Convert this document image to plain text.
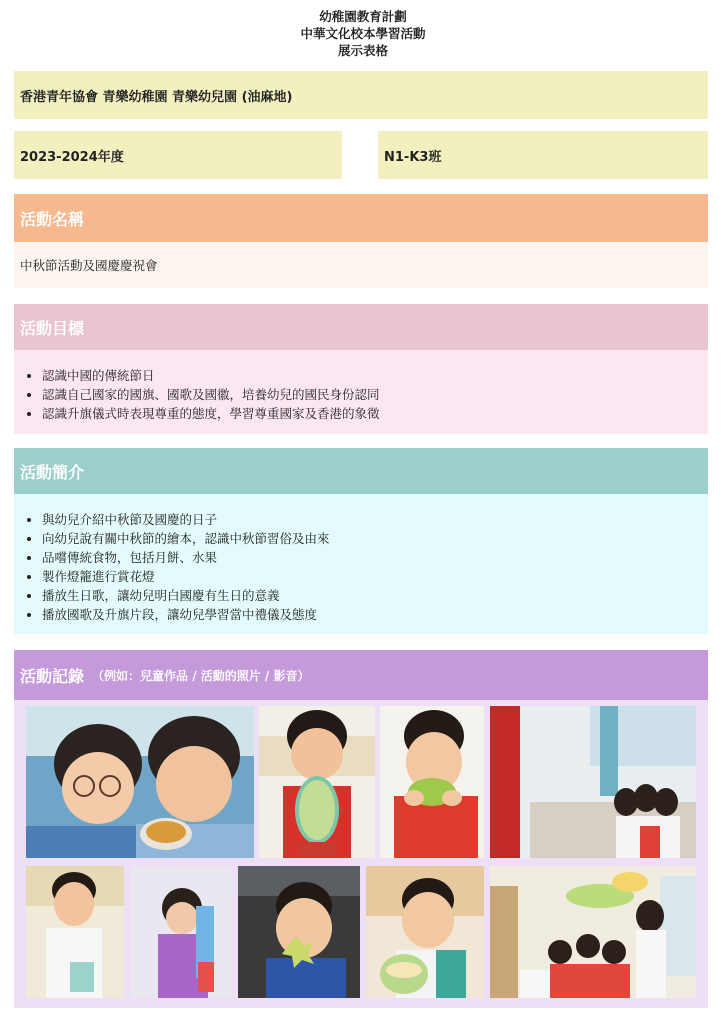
幼稚園教育計劃
中華文化校本學習活動
展示表格
香港青年協會 青樂幼稚園 青樂幼兒園 (油麻地)
2023-2024年度	N1-K3班
活動名稱
中秋節活動及國慶慶祝會
活動目標
• 認識中國的傳統節日
• 認識自己國家的國旗、國歌及國徽，培養幼兒的國民身份認同
• 認識升旗儀式時表現尊重的態度，學習尊重國家及香港的象徵
活動簡介
• 與幼兒介紹中秋節及國慶的日子
• 向幼兒說有關中秋節的繪本，認識中秋節習俗及由來
• 品嚐傳統食物，包括月餅、水果
• 製作燈籠進行賞花燈
• 播放生日歌，讓幼兒明白國慶有生日的意義
• 播放國歌及升旗片段，讓幼兒學習當中禮儀及態度
活動記錄 （例如：兒童作品 / 活動的照片 / 影音）
